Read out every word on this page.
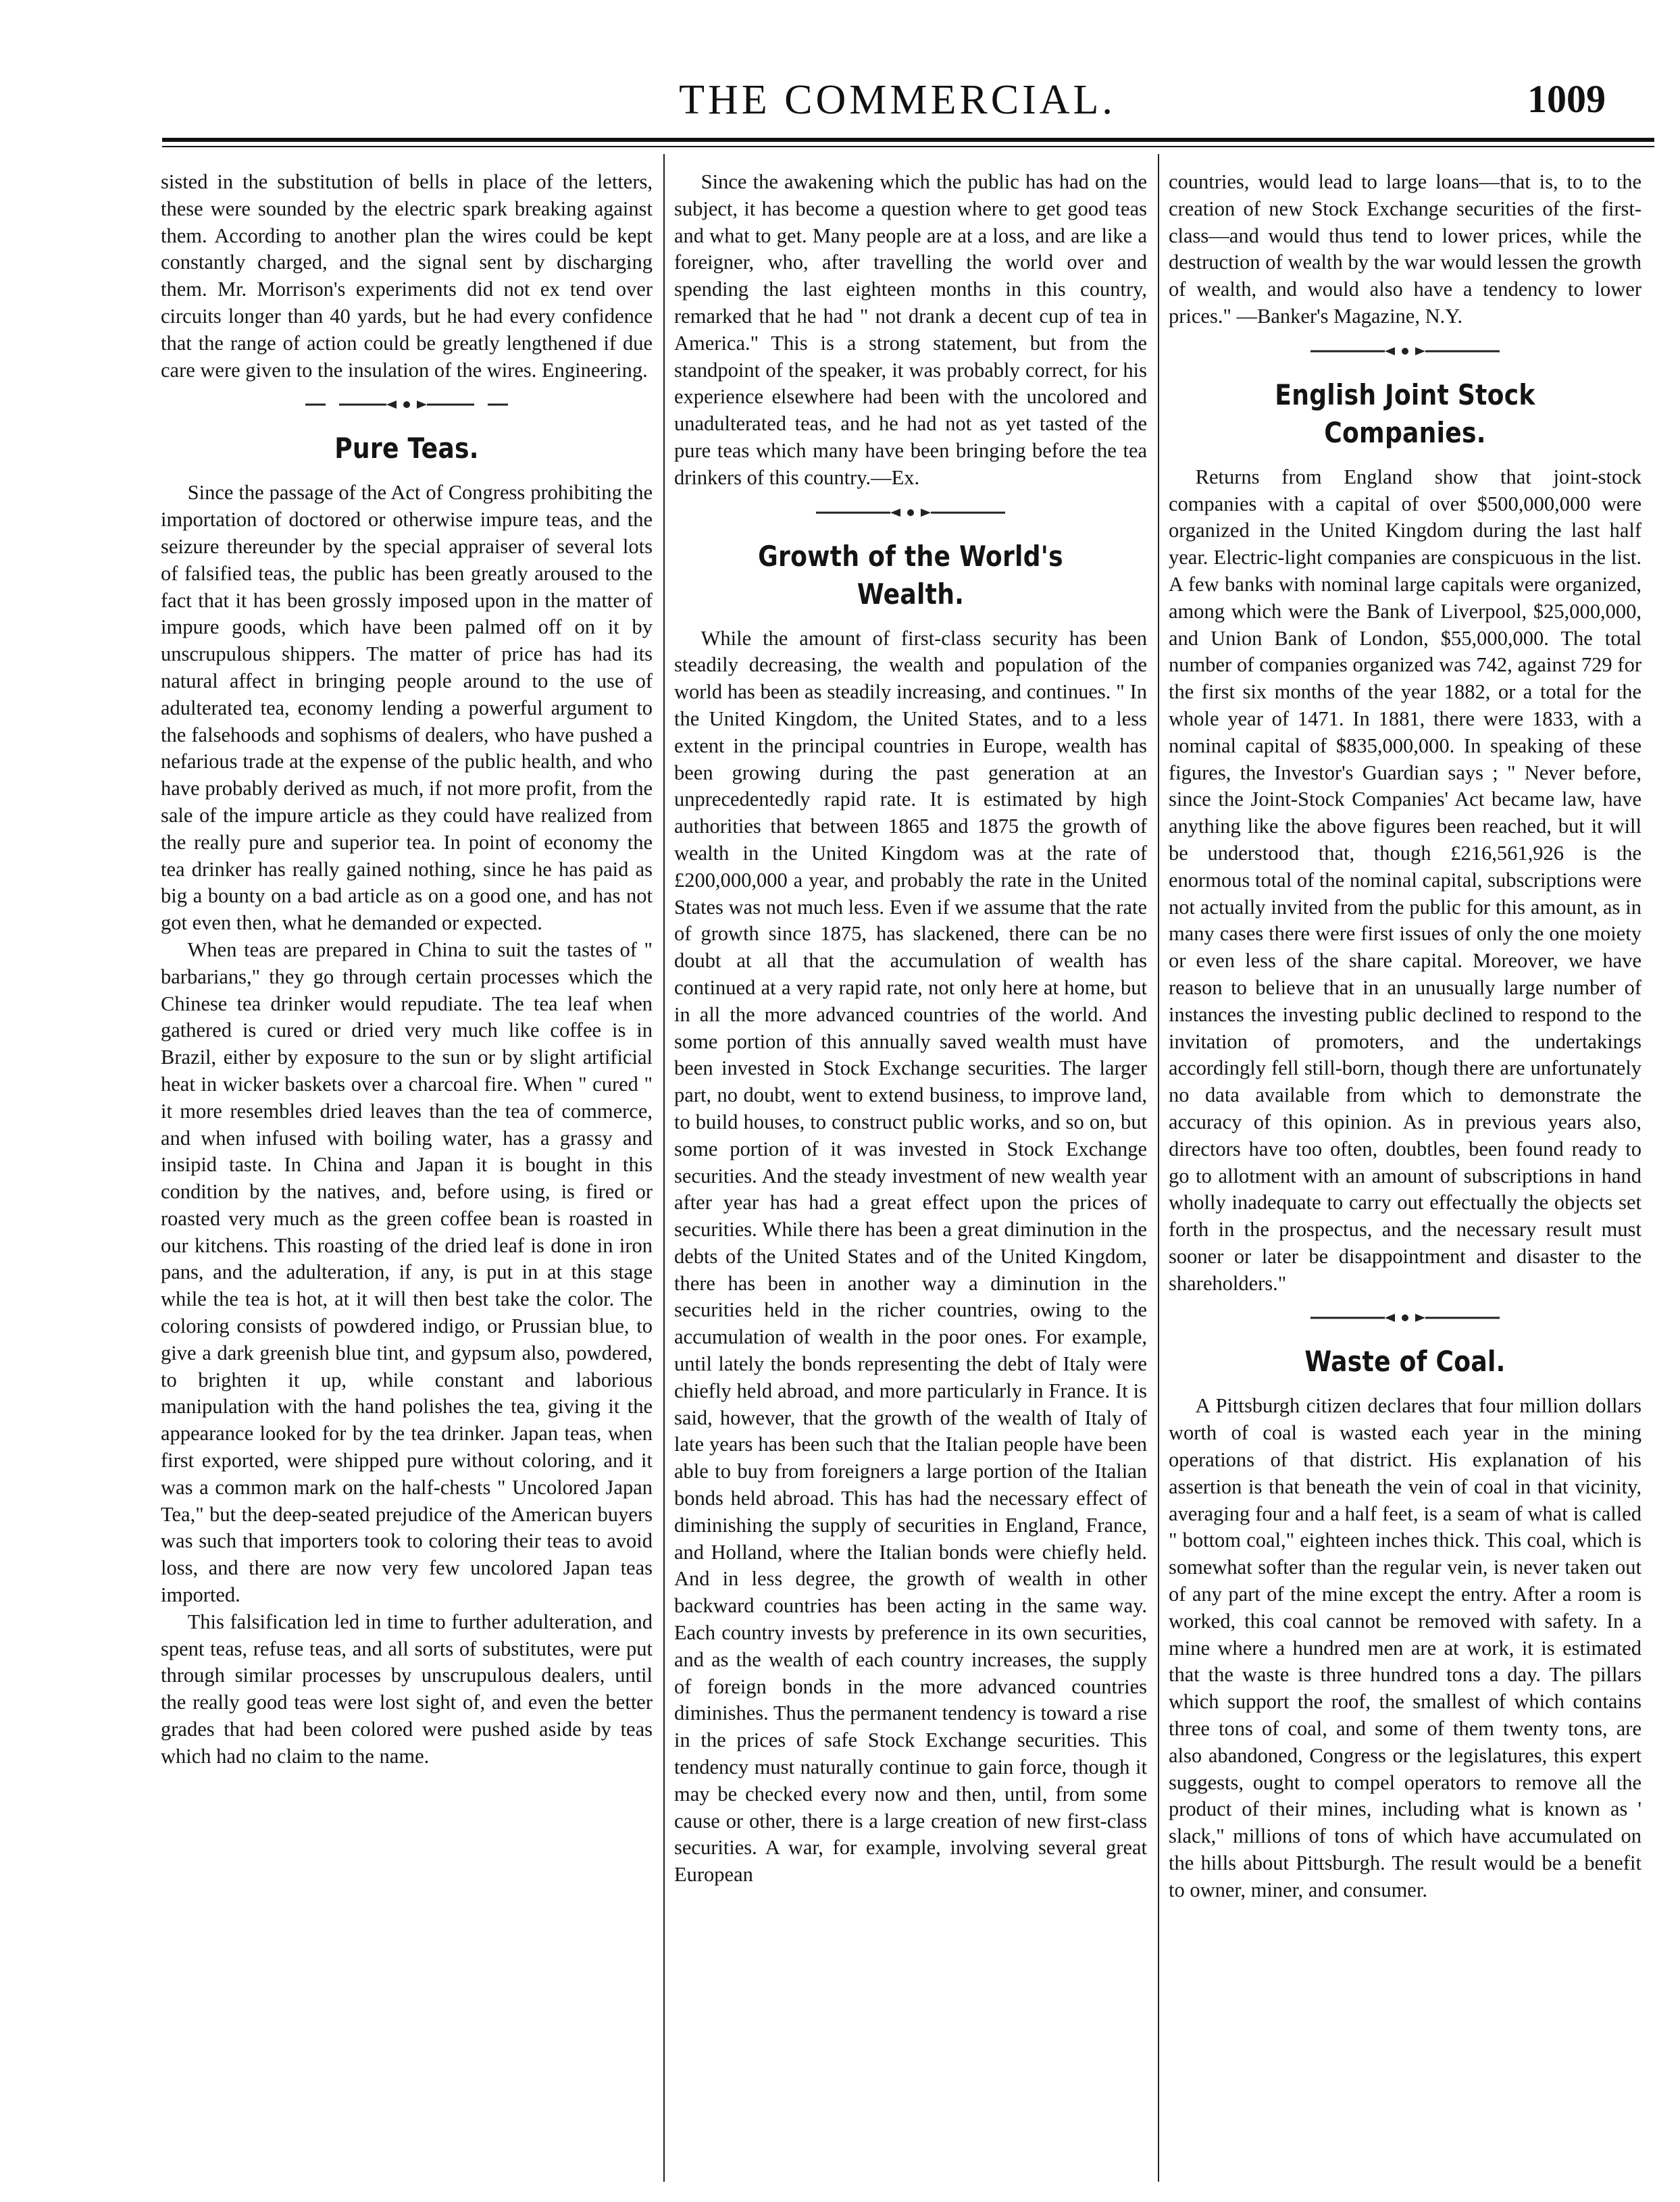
THE COMMERCIAL.	1009

sisted in the substitution of bells in place of the letters, these were sounded by the electric spark breaking against them. According to another plan the wires could be kept constantly charged, and the signal sent by discharging them. Mr. Morrison's experiments did not ex tend over circuits longer than 40 yards, but he had every confidence that the range of action could be greatly lengthened if due care were given to the insulation of the wires. Engineering.

Pure Teas.

Since the passage of the Act of Congress prohibiting the importation of doctored or otherwise impure teas, and the seizure thereunder by the special appraiser of several lots of falsified teas, the public has been greatly aroused to the fact that it has been grossly imposed upon in the matter of impure goods, which have been palmed off on it by unscrupulous shippers. The matter of price has had its natural affect in bringing people around to the use of adulterated tea, economy lending a powerful argument to the falsehoods and sophisms of dealers, who have pushed a nefarious trade at the expense of the public health, and who have probably derived as much, if not more profit, from the sale of the impure article as they could have realized from the really pure and superior tea. In point of economy the tea drinker has really gained nothing, since he has paid as big a bounty on a bad article as on a good one, and has not got even then, what he demanded or expected.

When teas are prepared in China to suit the tastes of " barbarians," they go through certain processes which the Chinese tea drinker would repudiate. The tea leaf when gathered is cured or dried very much like coffee is in Brazil, either by exposure to the sun or by slight artificial heat in wicker baskets over a charcoal fire. When " cured " it more resembles dried leaves than the tea of commerce, and when infused with boiling water, has a grassy and insipid taste. In China and Japan it is bought in this condition by the natives, and, before using, is fired or roasted very much as the green coffee bean is roasted in our kitchens. This roasting of the dried leaf is done in iron pans, and the adulteration, if any, is put in at this stage while the tea is hot, at it will then best take the color. The coloring consists of powdered indigo, or Prussian blue, to give a dark greenish blue tint, and gypsum also, powdered, to brighten it up, while constant and laborious manipulation with the hand polishes the tea, giving it the appearance looked for by the tea drinker. Japan teas, when first exported, were shipped pure without coloring, and it was a common mark on the half-chests " Uncolored Japan Tea," but the deep-seated prejudice of the American buyers was such that importers took to coloring their teas to avoid loss, and there are now very few uncolored Japan teas imported.

This falsification led in time to further adulteration, and spent teas, refuse teas, and all sorts of substitutes, were put through similar processes by unscrupulous dealers, until the really good teas were lost sight of, and even the better grades that had been colored were pushed aside by teas which had no claim to the name.

Since the awakening which the public has had on the subject, it has become a question where to get good teas and what to get. Many people are at a loss, and are like a foreigner, who, after travelling the world over and spending the last eighteen months in this country, remarked that he had " not drank a decent cup of tea in America." This is a strong statement, but from the standpoint of the speaker, it was probably correct, for his experience elsewhere had been with the uncolored and unadulterated teas, and he had not as yet tasted of the pure teas which many have been bringing before the tea drinkers of this country.—Ex.

Growth of the World's Wealth.

While the amount of first-class security has been steadily decreasing, the wealth and population of the world has been as steadily increasing, and continues. " In the United Kingdom, the United States, and to a less extent in the principal countries in Europe, wealth has been growing during the past generation at an unprecedentedly rapid rate. It is estimated by high authorities that between 1865 and 1875 the growth of wealth in the United Kingdom was at the rate of £200,000,000 a year, and probably the rate in the United States was not much less. Even if we assume that the rate of growth since 1875, has slackened, there can be no doubt at all that the accumulation of wealth has continued at a very rapid rate, not only here at home, but in all the more advanced countries of the world. And some portion of this annually saved wealth must have been invested in Stock Exchange securities. The larger part, no doubt, went to extend business, to improve land, to build houses, to construct public works, and so on, but some portion of it was invested in Stock Exchange securities. And the steady investment of new wealth year after year has had a great effect upon the prices of securities. While there has been a great diminution in the debts of the United States and of the United Kingdom, there has been in another way a diminution in the securities held in the richer countries, owing to the accumulation of wealth in the poor ones. For example, until lately the bonds representing the debt of Italy were chiefly held abroad, and more particularly in France. It is said, however, that the growth of the wealth of Italy of late years has been such that the Italian people have been able to buy from foreigners a large portion of the Italian bonds held abroad. This has had the necessary effect of diminishing the supply of securities in England, France, and Holland, where the Italian bonds were chiefly held. And in less degree, the growth of wealth in other backward countries has been acting in the same way. Each country invests by preference in its own securities, and as the wealth of each country increases, the supply of foreign bonds in the more advanced countries diminishes. Thus the permanent tendency is toward a rise in the prices of safe Stock Exchange securities. This tendency must naturally continue to gain force, though it may be checked every now and then, until, from some cause or other, there is a large creation of new first-class securities. A war, for example, involving several great European

countries, would lead to large loans—that is, to to the creation of new Stock Exchange securities of the first-class—and would thus tend to lower prices, while the destruction of wealth by the war would lessen the growth of wealth, and would also have a tendency to lower prices." —Banker's Magazine, N.Y.

English Joint Stock Companies.

Returns from England show that joint-stock companies with a capital of over $500,000,000 were organized in the United Kingdom during the last half year. Electric-light companies are conspicuous in the list. A few banks with nominal large capitals were organized, among which were the Bank of Liverpool, $25,000,000, and Union Bank of London, $55,000,000. The total number of companies organized was 742, against 729 for the first six months of the year 1882, or a total for the whole year of 1471. In 1881, there were 1833, with a nominal capital of $835,000,000. In speaking of these figures, the Investor's Guardian says ; " Never before, since the Joint-Stock Companies' Act became law, have anything like the above figures been reached, but it will be understood that, though £216,561,926 is the enormous total of the nominal capital, subscriptions were not actually invited from the public for this amount, as in many cases there were first issues of only the one moiety or even less of the share capital. Moreover, we have reason to believe that in an unusually large number of instances the investing public declined to respond to the invitation of promoters, and the undertakings accordingly fell still-born, though there are unfortunately no data available from which to demonstrate the accuracy of this opinion. As in previous years also, directors have too often, doubtles, been found ready to go to allotment with an amount of subscriptions in hand wholly inadequate to carry out effectually the objects set forth in the prospectus, and the necessary result must sooner or later be disappointment and disaster to the shareholders."

Waste of Coal.

A Pittsburgh citizen declares that four million dollars worth of coal is wasted each year in the mining operations of that district. His explanation of his assertion is that beneath the vein of coal in that vicinity, averaging four and a half feet, is a seam of what is called " bottom coal," eighteen inches thick. This coal, which is somewhat softer than the regular vein, is never taken out of any part of the mine except the entry. After a room is worked, this coal cannot be removed with safety. In a mine where a hundred men are at work, it is estimated that the waste is three hundred tons a day. The pillars which support the roof, the smallest of which contains three tons of coal, and some of them twenty tons, are also abandoned, Congress or the legislatures, this expert suggests, ought to compel operators to remove all the product of their mines, including what is known as ' slack," millions of tons of which have accumulated on the hills about Pittsburgh. The result would be a benefit to owner, miner, and consumer.
